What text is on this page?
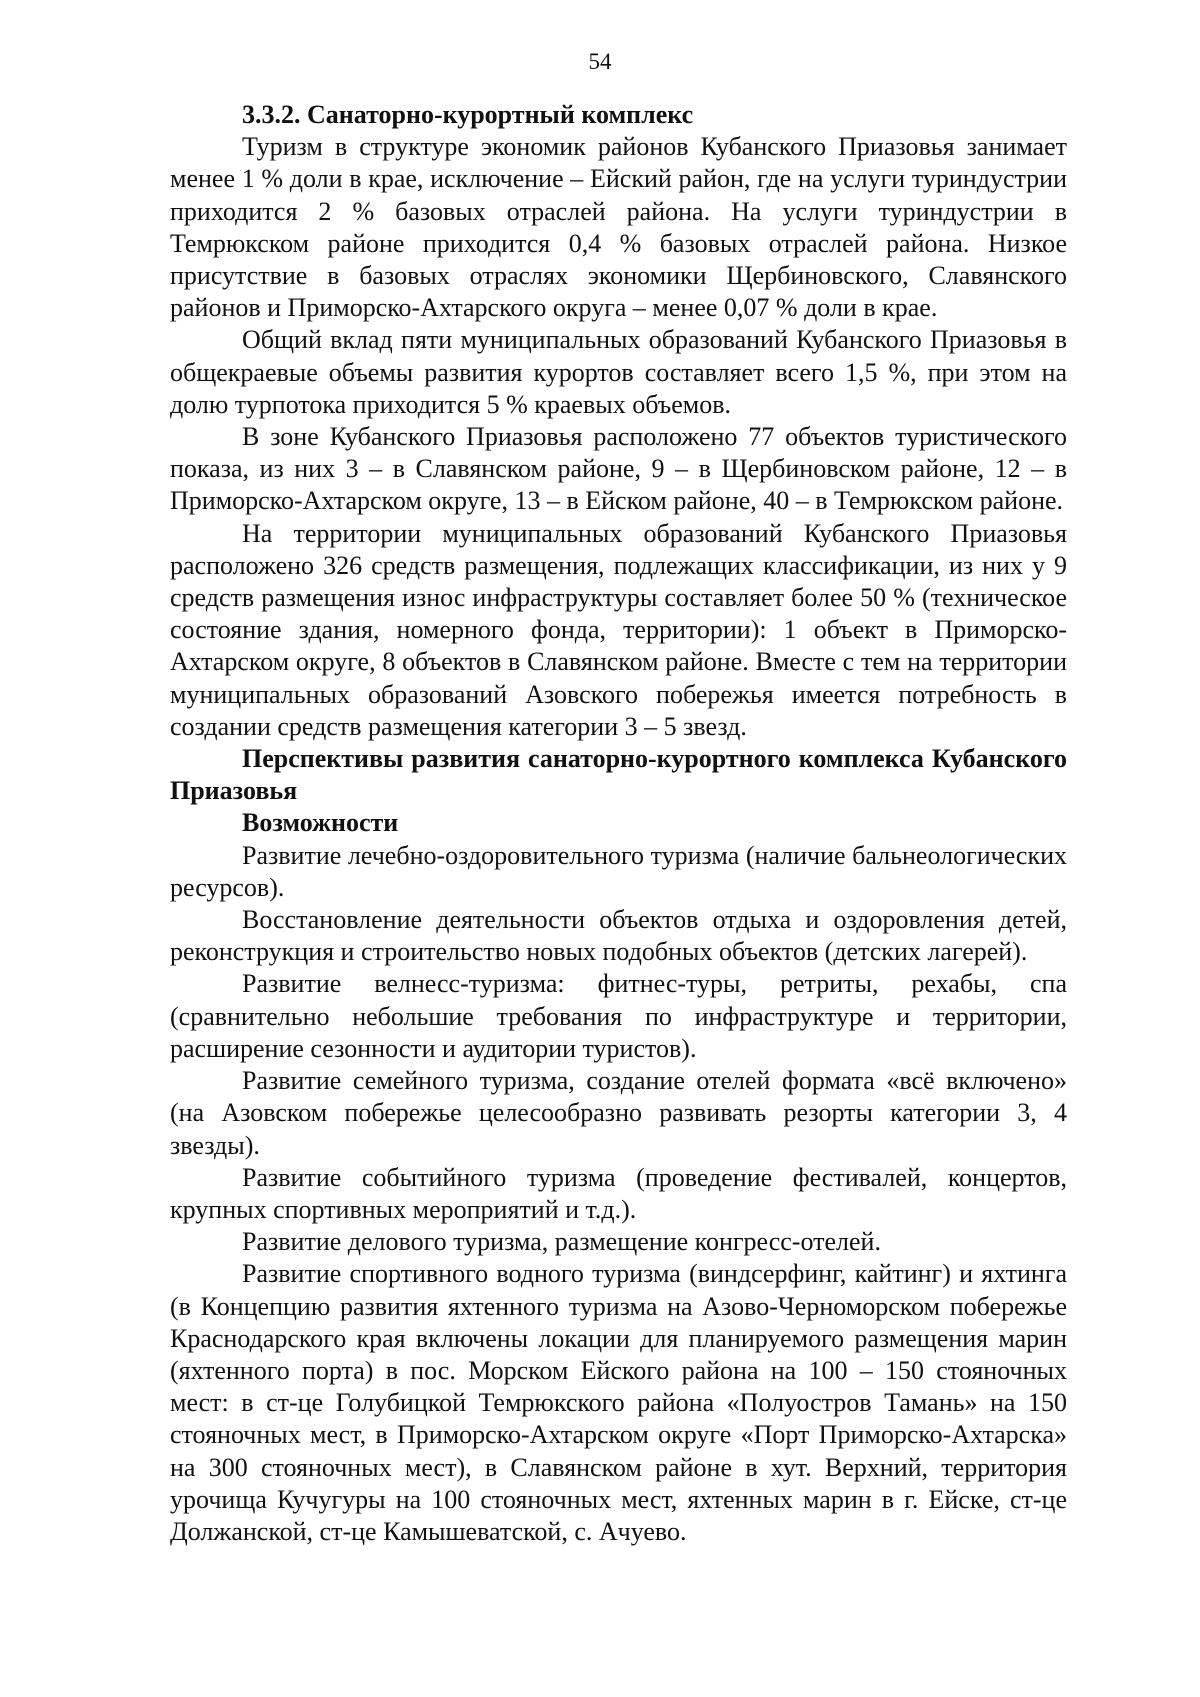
54

3.3.2. Санаторно-курортный комплекс

Туризм в структуре экономик районов Кубанского Приазовья занимает менее 1 % доли в крае, исключение – Ейский район, где на услуги туриндустрии приходится 2 % базовых отраслей района. На услуги туриндустрии в Темрюкском районе приходится 0,4 % базовых отраслей района. Низкое присутствие в базовых отраслях экономики Щербиновского, Славянского районов и Приморско-Ахтарского округа – менее 0,07 % доли в крае.

Общий вклад пяти муниципальных образований Кубанского Приазовья в общекраевые объемы развития курортов составляет всего 1,5 %, при этом на долю турпотока приходится 5 % краевых объемов.

В зоне Кубанского Приазовья расположено 77 объектов туристического показа, из них 3 – в Славянском районе, 9 – в Щербиновском районе, 12 – в Приморско-Ахтарском округе, 13 – в Ейском районе, 40 – в Темрюкском районе.

На территории муниципальных образований Кубанского Приазовья расположено 326 средств размещения, подлежащих классификации, из них у 9 средств размещения износ инфраструктуры составляет более 50 % (техническое состояние здания, номерного фонда, территории): 1 объект в Приморско-Ахтарском округе, 8 объектов в Славянском районе. Вместе с тем на территории муниципальных образований Азовского побережья имеется потребность в создании средств размещения категории 3 – 5 звезд.

Перспективы развития санаторно-курортного комплекса Кубанского Приазовья

Возможности

Развитие лечебно-оздоровительного туризма (наличие бальнеологических ресурсов).

Восстановление деятельности объектов отдыха и оздоровления детей, реконструкция и строительство новых подобных объектов (детских лагерей).

Развитие велнесс-туризма: фитнес-туры, ретриты, рехабы, спа (сравнительно небольшие требования по инфраструктуре и территории, расширение сезонности и аудитории туристов).

Развитие семейного туризма, создание отелей формата «всё включено» (на Азовском побережье целесообразно развивать резорты категории 3, 4 звезды).

Развитие событийного туризма (проведение фестивалей, концертов, крупных спортивных мероприятий и т.д.).

Развитие делового туризма, размещение конгресс-отелей.

Развитие спортивного водного туризма (виндсерфинг, кайтинг) и яхтинга (в Концепцию развития яхтенного туризма на Азово-Черноморском побережье Краснодарского края включены локации для планируемого размещения марин (яхтенного порта) в пос. Морском Ейского района на 100 – 150 стояночных мест: в ст-це Голубицкой Темрюкского района «Полуостров Тамань» на 150 стояночных мест, в Приморско-Ахтарском округе «Порт Приморско-Ахтарска» на 300 стояночных мест), в Славянском районе в хут. Верхний, территория урочища Кучугуры на 100 стояночных мест, яхтенных марин в г. Ейске, ст-це Должанской, ст-це Камышеватской, с. Ачуево.
